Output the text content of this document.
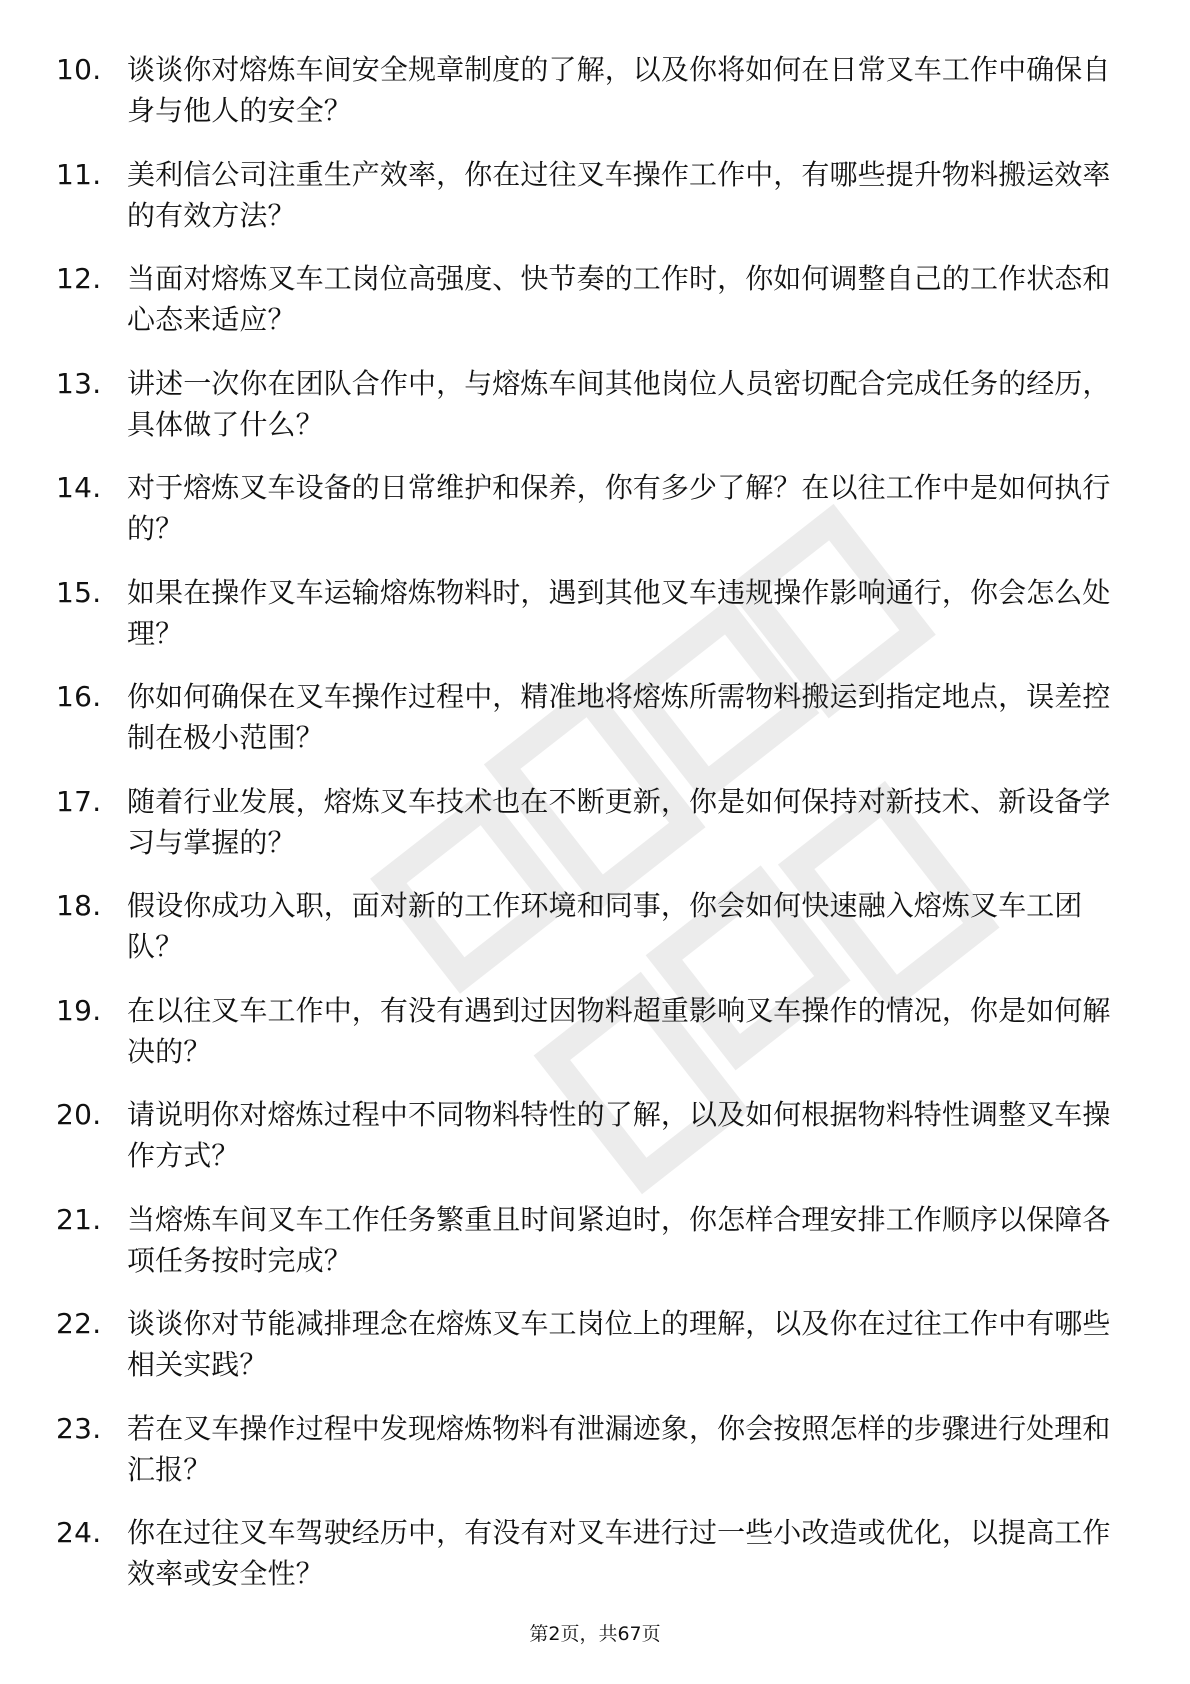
10. 谈谈你对熔炼车间安全规章制度的了解，以及你将如何在日常叉车工作中确保自身与他人的安全？
11. 美利信公司注重生产效率，你在过往叉车操作工作中，有哪些提升物料搬运效率的有效方法？
12. 当面对熔炼叉车工岗位高强度、快节奏的工作时，你如何调整自己的工作状态和心态来适应？
13. 讲述一次你在团队合作中，与熔炼车间其他岗位人员密切配合完成任务的经历，具体做了什么？
14. 对于熔炼叉车设备的日常维护和保养，你有多少了解？在以往工作中是如何执行的？
15. 如果在操作叉车运输熔炼物料时，遇到其他叉车违规操作影响通行，你会怎么处理？
16. 你如何确保在叉车操作过程中，精准地将熔炼所需物料搬运到指定地点，误差控制在极小范围？
17. 随着行业发展，熔炼叉车技术也在不断更新，你是如何保持对新技术、新设备学习与掌握的？
18. 假设你成功入职，面对新的工作环境和同事，你会如何快速融入熔炼叉车工团队？
19. 在以往叉车工作中，有没有遇到过因物料超重影响叉车操作的情况，你是如何解决的？
20. 请说明你对熔炼过程中不同物料特性的了解，以及如何根据物料特性调整叉车操作方式？
21. 当熔炼车间叉车工作任务繁重且时间紧迫时，你怎样合理安排工作顺序以保障各项任务按时完成？
22. 谈谈你对节能减排理念在熔炼叉车工岗位上的理解，以及你在过往工作中有哪些相关实践？
23. 若在叉车操作过程中发现熔炼物料有泄漏迹象，你会按照怎样的步骤进行处理和汇报？
24. 你在过往叉车驾驶经历中，有没有对叉车进行过一些小改造或优化，以提高工作效率或安全性？
第2页，共67页
